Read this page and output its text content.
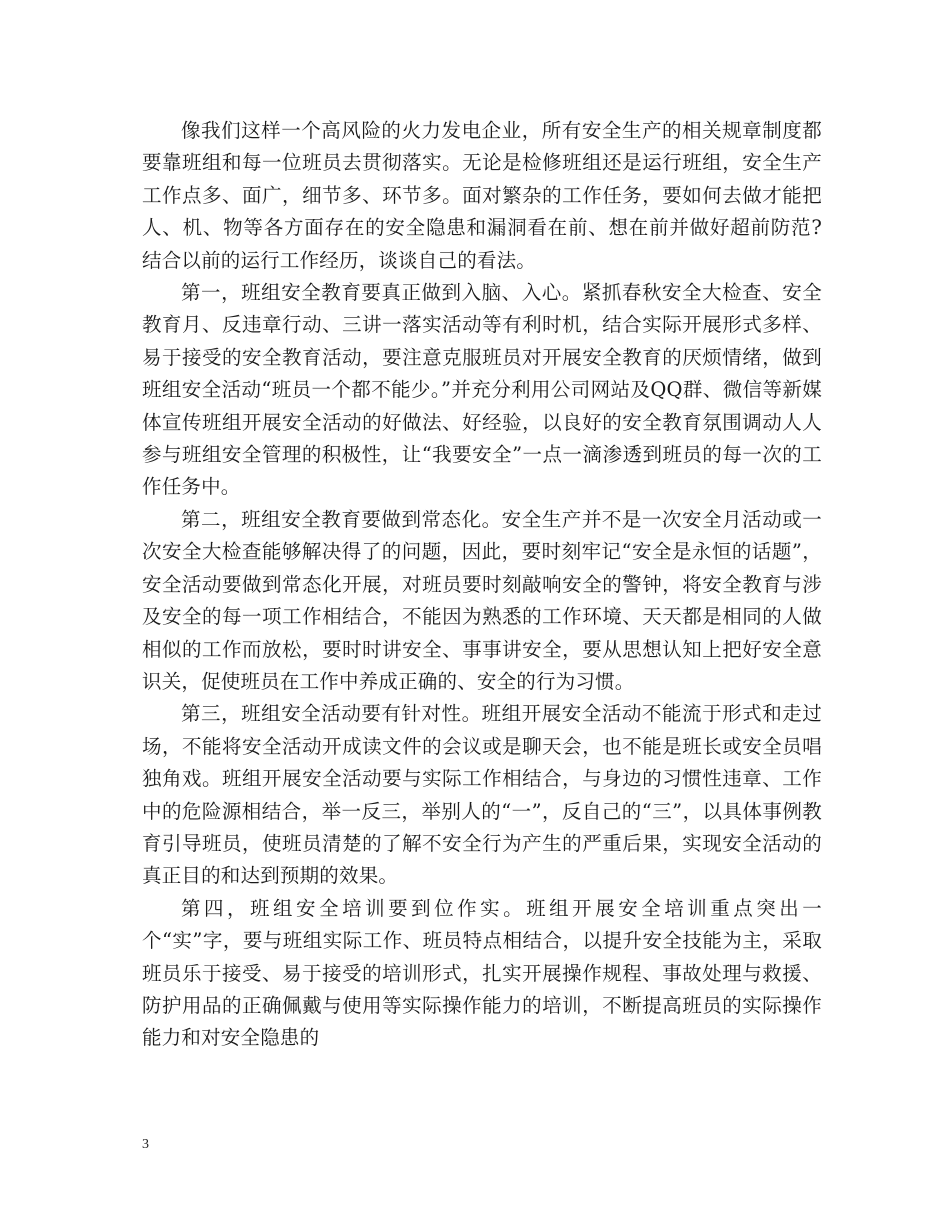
像我们这样一个高风险的火力发电企业，所有安全生产的相关规章制度都要靠班组和每一位班员去贯彻落实。无论是检修班组还是运行班组，安全生产工作点多、面广，细节多、环节多。面对繁杂的工作任务，要如何去做才能把人、机、物等各方面存在的安全隐患和漏洞看在前、想在前并做好超前防范?结合以前的运行工作经历，谈谈自己的看法。

第一，班组安全教育要真正做到入脑、入心。紧抓春秋安全大检查、安全教育月、反违章行动、三讲一落实活动等有利时机，结合实际开展形式多样、易于接受的安全教育活动，要注意克服班员对开展安全教育的厌烦情绪，做到班组安全活动“班员一个都不能少。”并充分利用公司网站及QQ群、微信等新媒体宣传班组开展安全活动的好做法、好经验，以良好的安全教育氛围调动人人参与班组安全管理的积极性，让“我要安全”一点一滴渗透到班员的每一次的工作任务中。

第二，班组安全教育要做到常态化。安全生产并不是一次安全月活动或一次安全大检查能够解决得了的问题，因此，要时刻牢记“安全是永恒的话题”，安全活动要做到常态化开展，对班员要时刻敲响安全的警钟，将安全教育与涉及安全的每一项工作相结合，不能因为熟悉的工作环境、天天都是相同的人做相似的工作而放松，要时时讲安全、事事讲安全，要从思想认知上把好安全意识关，促使班员在工作中养成正确的、安全的行为习惯。

第三，班组安全活动要有针对性。班组开展安全活动不能流于形式和走过场，不能将安全活动开成读文件的会议或是聊天会，也不能是班长或安全员唱独角戏。班组开展安全活动要与实际工作相结合，与身边的习惯性违章、工作中的危险源相结合，举一反三，举别人的“一”，反自己的“三”，以具体事例教育引导班员，使班员清楚的了解不安全行为产生的严重后果，实现安全活动的真正目的和达到预期的效果。

第四，班组安全培训要到位作实。班组开展安全培训重点突出一个“实”字，要与班组实际工作、班员特点相结合，以提升安全技能为主，采取班员乐于接受、易于接受的培训形式，扎实开展操作规程、事故处理与救援、防护用品的正确佩戴与使用等实际操作能力的培训，不断提高班员的实际操作能力和对安全隐患的

3
